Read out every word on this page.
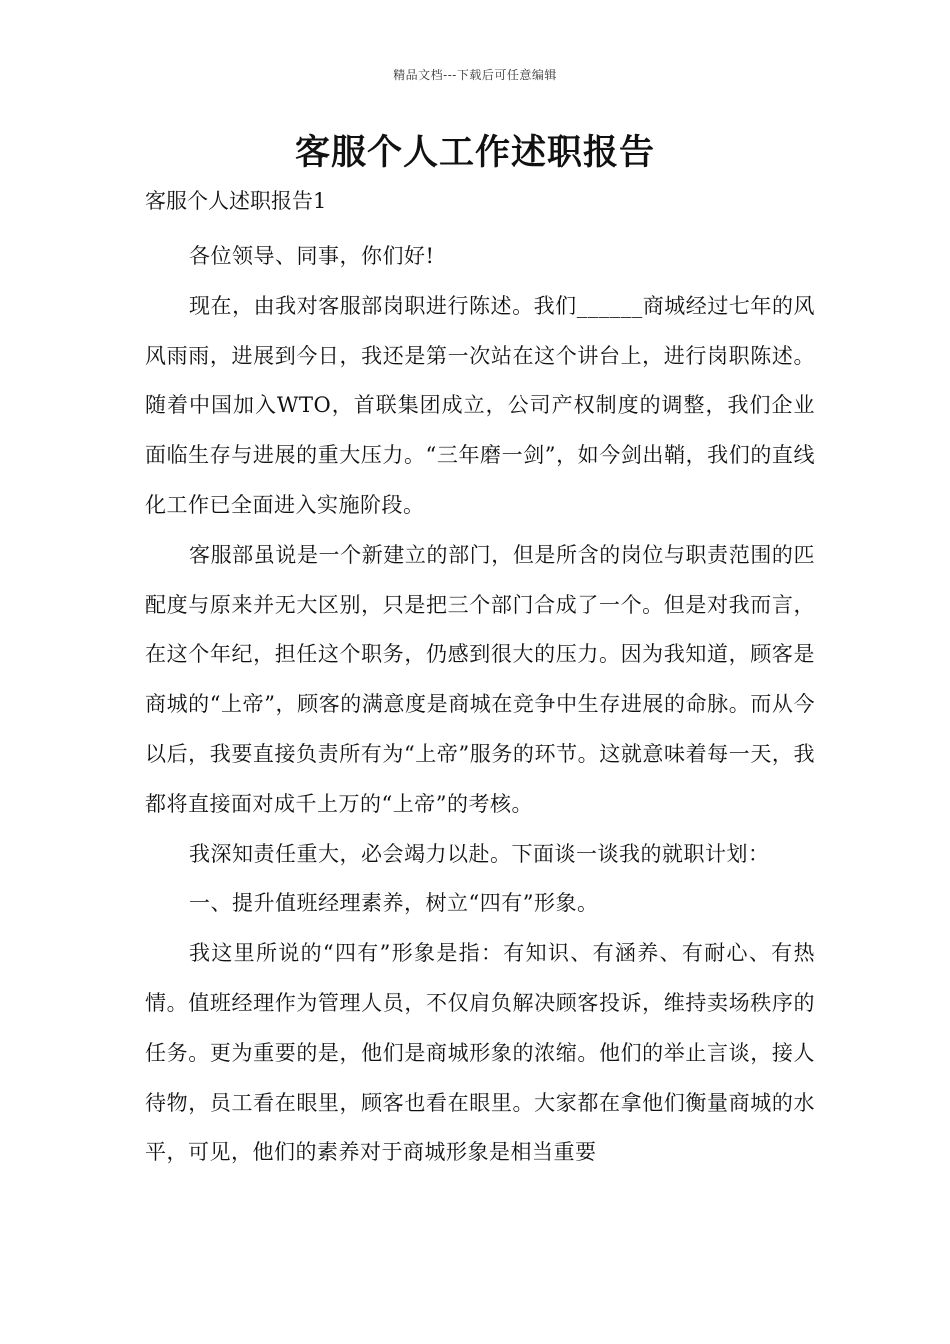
精品文档---下载后可任意编辑
客服个人工作述职报告

客服个人述职报告1

各位领导、同事，你们好!

现在，由我对客服部岗职进行陈述。我们______商城经过七年的风风雨雨，进展到今日，我还是第一次站在这个讲台上，进行岗职陈述。随着中国加入WTO，首联集团成立，公司产权制度的调整，我们企业面临生存与进展的重大压力。“三年磨一剑”，如今剑出鞘，我们的直线化工作已全面进入实施阶段。

客服部虽说是一个新建立的部门，但是所含的岗位与职责范围的匹配度与原来并无大区别，只是把三个部门合成了一个。但是对我而言，在这个年纪，担任这个职务，仍感到很大的压力。因为我知道，顾客是商城的“上帝”，顾客的满意度是商城在竞争中生存进展的命脉。而从今以后，我要直接负责所有为“上帝”服务的环节。这就意味着每一天，我都将直接面对成千上万的“上帝”的考核。

我深知责任重大，必会竭力以赴。下面谈一谈我的就职计划：

一、提升值班经理素养，树立“四有”形象。

我这里所说的“四有”形象是指：有知识、有涵养、有耐心、有热情。值班经理作为管理人员，不仅肩负解决顾客投诉，维持卖场秩序的任务。更为重要的是，他们是商城形象的浓缩。他们的举止言谈，接人待物，员工看在眼里，顾客也看在眼里。大家都在拿他们衡量商城的水平，可见，他们的素养对于商城形象是相当重要
